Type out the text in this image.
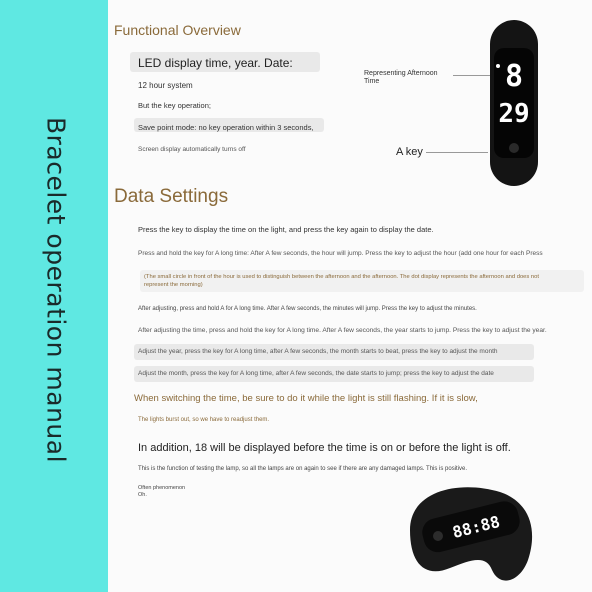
Bracelet operation manual
Functional Overview
LED display time, year. Date:
12 hour system
But the key operation;
Save point mode: no key operation within 3 seconds,
Screen display automatically turns off
Representing Afternoon Time
A key
8
29
Data Settings
Press the key to display the time on the light, and press the key again to display the date.
Press and hold the key for A long time: After A few seconds, the hour will jump. Press the key to adjust the hour (add one hour for each Press
(The small circle in front of the hour is used to distinguish between the afternoon and the afternoon. The dot display represents the afternoon and does not
represent the morning)
After adjusting, press and hold A for A long time. After A few seconds, the minutes will jump. Press the key to adjust the minutes.
After adjusting the time, press and hold the key for A long time. After A few seconds, the year starts to jump. Press the key to adjust the year.
Adjust the year, press the key for A long time, after A few seconds, the month starts to beat, press the key to adjust the month
Adjust the month, press the key for A long time, after A few seconds, the date starts to jump; press the key to adjust the date
When switching the time, be sure to do it while the light is still flashing. If it is slow,
The lights burst out, so we have to readjust them.
In addition, 18 will be displayed before the time is on or before the light is off.
This is the function of testing the lamp, so all the lamps are on again to see if there are any damaged lamps. This is positive.
Often phenomenon
Oh.
88:88
